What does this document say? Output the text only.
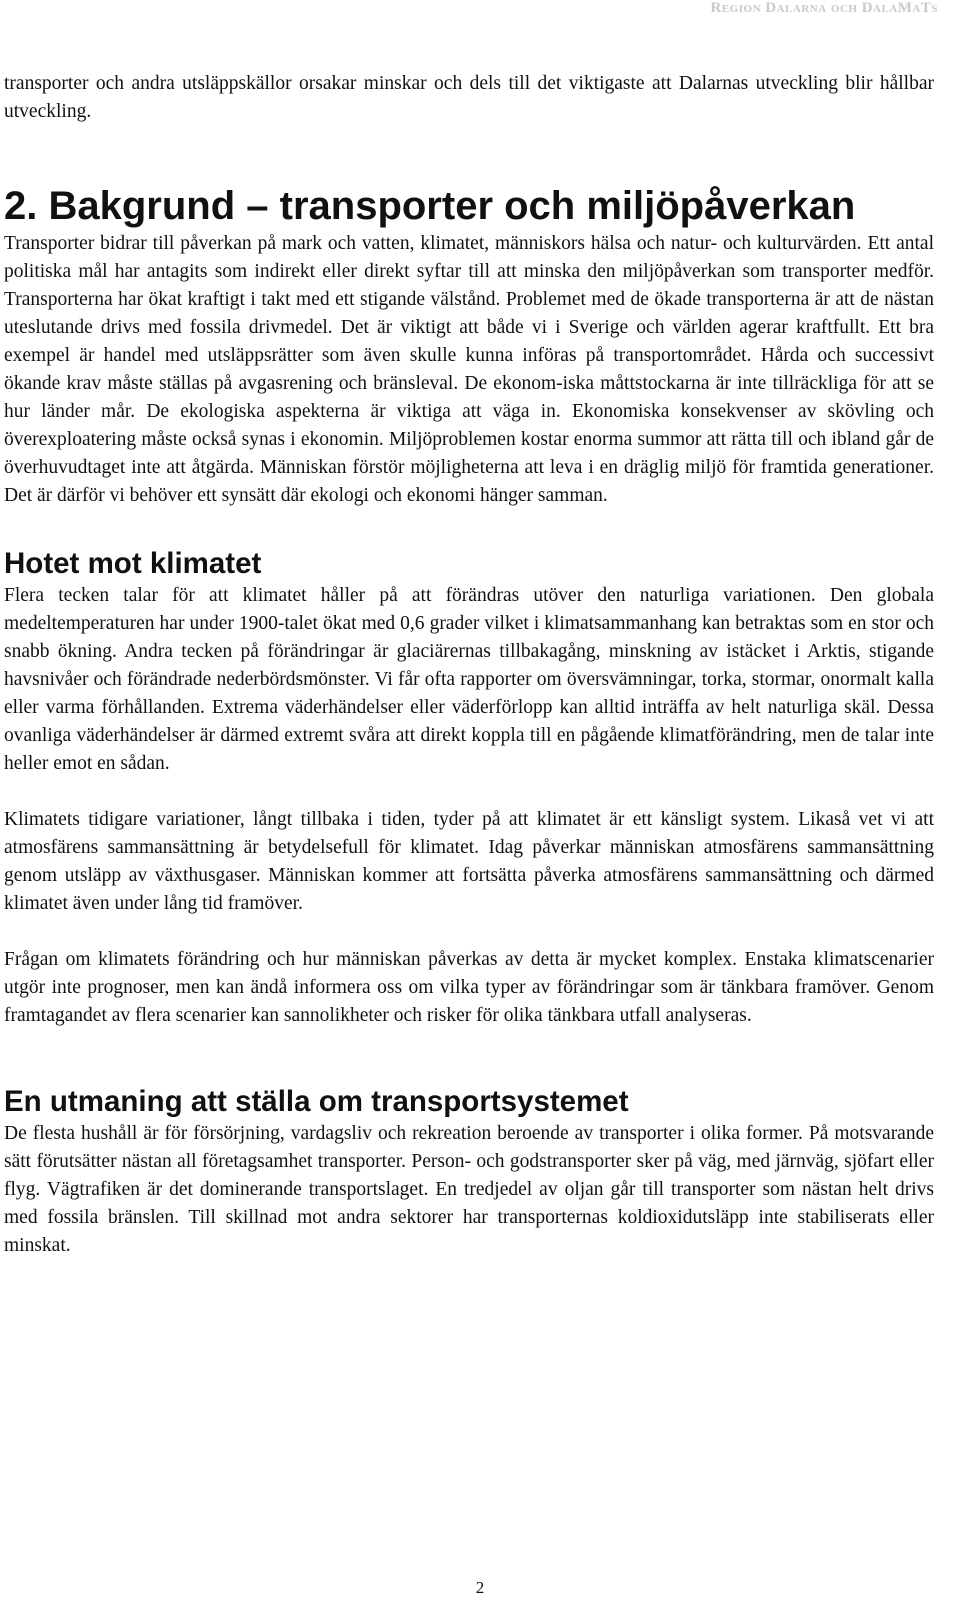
Region Dalarna och DalaMaTs

transporter och andra utsläppskällor orsakar minskar och dels till det viktigaste att Dalarnas utveckling blir hållbar utveckling.

2. Bakgrund – transporter och miljöpåverkan

Transporter bidrar till påverkan på mark och vatten, klimatet, människors hälsa och natur- och kulturvärden. Ett antal politiska mål har antagits som indirekt eller direkt syftar till att minska den miljöpåverkan som transporter medför. Transporterna har ökat kraftigt i takt med ett stigande välstånd. Problemet med de ökade transporterna är att de nästan uteslutande drivs med fossila drivmedel. Det är viktigt att både vi i Sverige och världen agerar kraftfullt. Ett bra exempel är handel med utsläppsrätter som även skulle kunna införas på transportområdet. Hårda och successivt ökande krav måste ställas på avgasrening och bränsleval. De ekonom-iska måttstockarna är inte tillräckliga för att se hur länder mår. De ekologiska aspekterna är viktiga att väga in. Ekonomiska konsekvenser av skövling och överexploatering måste också synas i ekonomin. Miljöproblemen kostar enorma summor att rätta till och ibland går de överhuvudtaget inte att åtgärda. Människan förstör möjligheterna att leva i en dräglig miljö för framtida generationer. Det är därför vi behöver ett synsätt där ekologi och ekonomi hänger samman.

Hotet mot klimatet

Flera tecken talar för att klimatet håller på att förändras utöver den naturliga variationen. Den globala medeltemperaturen har under 1900-talet ökat med 0,6 grader vilket i klimatsammanhang kan betraktas som en stor och snabb ökning. Andra tecken på förändringar är glaciärernas tillbakagång, minskning av istäcket i Arktis, stigande havsnivåer och förändrade nederbördsmönster. Vi får ofta rapporter om översvämningar, torka, stormar, onormalt kalla eller varma förhållanden. Extrema väderhändelser eller väderförlopp kan alltid inträffa av helt naturliga skäl. Dessa ovanliga väderhändelser är därmed extremt svåra att direkt koppla till en pågående klimatförändring, men de talar inte heller emot en sådan.

Klimatets tidigare variationer, långt tillbaka i tiden, tyder på att klimatet är ett känsligt system. Likaså vet vi att atmosfärens sammansättning är betydelsefull för klimatet. Idag påverkar människan atmosfärens sammansättning genom utsläpp av växthusgaser. Människan kommer att fortsätta påverka atmosfärens sammansättning och därmed klimatet även under lång tid framöver.

Frågan om klimatets förändring och hur människan påverkas av detta är mycket komplex. Enstaka klimatscenarier utgör inte prognoser, men kan ändå informera oss om vilka typer av förändringar som är tänkbara framöver. Genom framtagandet av flera scenarier kan sannolikheter och risker för olika tänkbara utfall analyseras.

En utmaning att ställa om transportsystemet

De flesta hushåll är för försörjning, vardagsliv och rekreation beroende av transporter i olika former. På motsvarande sätt förutsätter nästan all företagsamhet transporter. Person- och godstransporter sker på väg, med järnväg, sjöfart eller flyg. Vägtrafiken är det dominerande transportslaget. En tredjedel av oljan går till transporter som nästan helt drivs med fossila bränslen. Till skillnad mot andra sektorer har transporternas koldioxidutsläpp inte stabiliserats eller minskat.

2
